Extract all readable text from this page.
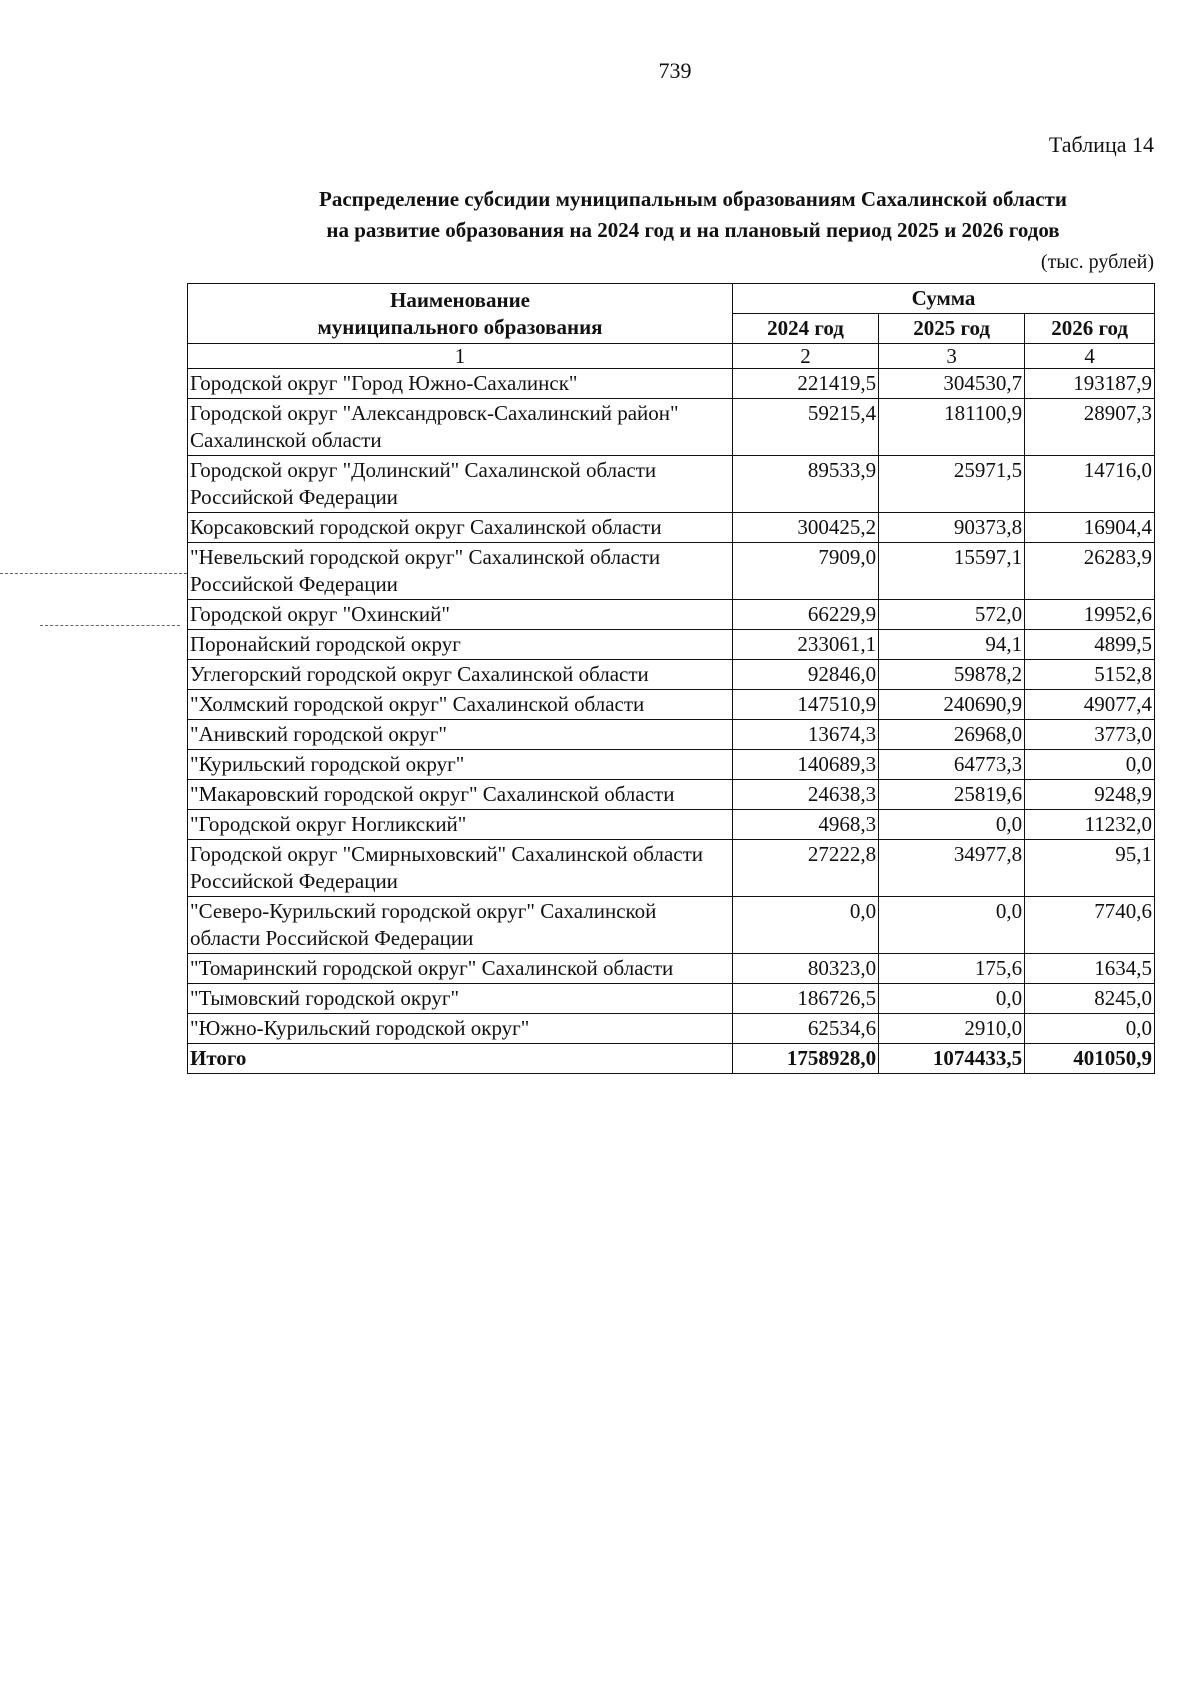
739
Таблица 14
Распределение субсидии муниципальным образованиям Сахалинской области
на развитие образования на 2024 год и на плановый период 2025 и 2026 годов
(тыс. рублей)
Наименование
муниципального образования	Сумма		
	2024 год	2025 год	2026 год
1	2	3	4
Городской округ "Город Южно-Сахалинск"	221419,5	304530,7	193187,9
Городской округ "Александровск-Сахалинский район" Сахалинской области	59215,4	181100,9	28907,3
Городской округ "Долинский" Сахалинской области Российской Федерации	89533,9	25971,5	14716,0
Корсаковский городской округ Сахалинской области	300425,2	90373,8	16904,4
"Невельский городской округ" Сахалинской области Российской Федерации	7909,0	15597,1	26283,9
Городской округ "Охинский"	66229,9	572,0	19952,6
Поронайский городской округ	233061,1	94,1	4899,5
Углегорский городской округ Сахалинской области	92846,0	59878,2	5152,8
"Холмский городской округ" Сахалинской области	147510,9	240690,9	49077,4
"Анивский городской округ"	13674,3	26968,0	3773,0
"Курильский городской округ"	140689,3	64773,3	0,0
"Макаровский городской округ" Сахалинской области	24638,3	25819,6	9248,9
"Городской округ Ногликский"	4968,3	0,0	11232,0
Городской округ "Смирныховский" Сахалинской области Российской Федерации	27222,8	34977,8	95,1
"Северо-Курильский городской округ" Сахалинской области Российской Федерации	0,0	0,0	7740,6
"Томаринский городской округ" Сахалинской области	80323,0	175,6	1634,5
"Тымовский городской округ"	186726,5	0,0	8245,0
"Южно-Курильский городской округ"	62534,6	2910,0	0,0
Итого	1758928,0	1074433,5	401050,9
